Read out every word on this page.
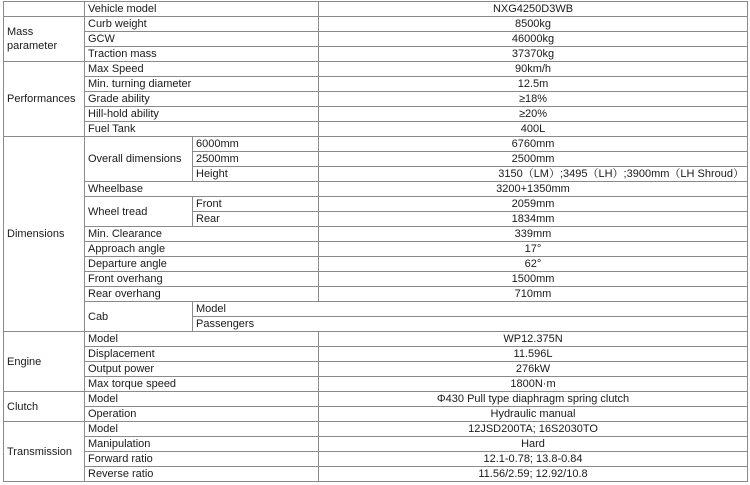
	Vehicle model		NXG4250D3WB	
Mass parameter	Curb weight		8500kg	
	GCW		46000kg	
	Traction mass		37370kg	
Performances	Max Speed		90km/h	
	Min. turning diameter		12.5m	
	Grade ability		≥18%	
	Hill-hold ability		≥20%	
	Fuel Tank		400L	
Dimensions	Overall dimensions	6000mm	6760mm	
		2500mm	2500mm	
		Height	3150（LM）;3495（LH）;3900mm（LH Shroud）	
	Wheelbase		3200+1350mm	
	Wheel tread	Front	2059mm	
		Rear	1834mm	
	Min. Clearance		339mm	
	Approach angle		17°	
	Departure angle		62°	
	Front overhang		1500mm	
	Rear overhang		710mm	
	Cab	Model	
		Passengers	
Engine	Model		WP12.375N	
	Displacement		11.596L	
	Output power		276kW	
	Max torque speed		1800N·m	
Clutch	Model		Φ430 Pull type diaphragm spring clutch	
	Operation		Hydraulic manual	
Transmission	Model		12JSD200TA; 16S2030TO	
	Manipulation		Hard	
	Forward ratio		12.1-0.78; 13.8-0.84	
	Reverse ratio		11.56/2.59; 12.92/10.8	
